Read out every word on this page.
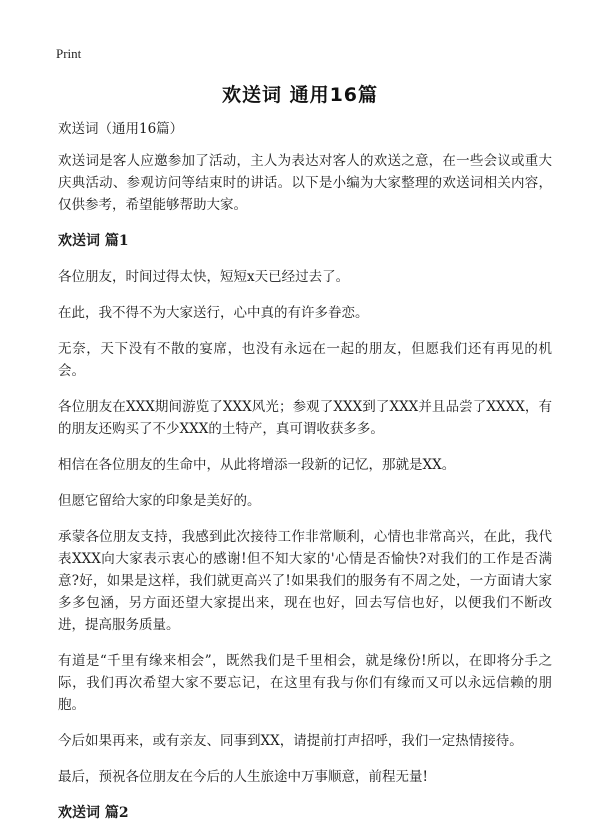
Print
欢送词 通用16篇

欢送词（通用16篇）

欢送词是客人应邀参加了活动，主人为表达对客人的欢送之意，在一些会议或重大庆典活动、参观访问等结束时的讲话。以下是小编为大家整理的欢送词相关内容，仅供参考，希望能够帮助大家。

欢送词 篇1

各位朋友，时间过得太快，短短x天已经过去了。

在此，我不得不为大家送行，心中真的有许多眷恋。

无奈，天下没有不散的宴席，也没有永远在一起的朋友，但愿我们还有再见的机会。

各位朋友在XXX期间游览了XXX风光；参观了XXX到了XXX并且品尝了XXXX，有的朋友还购买了不少XXX的土特产，真可谓收获多多。

相信在各位朋友的生命中，从此将增添一段新的记忆，那就是XX。

但愿它留给大家的印象是美好的。

承蒙各位朋友支持，我感到此次接待工作非常顺利，心情也非常高兴，在此，我代表XXX向大家表示衷心的感谢!但不知大家的'心情是否愉快?对我们的工作是否满意?好，如果是这样，我们就更高兴了!如果我们的服务有不周之处，一方面请大家多多包涵，另方面还望大家提出来，现在也好，回去写信也好，以便我们不断改进，提高服务质量。

有道是“千里有缘来相会”，既然我们是千里相会，就是缘份!所以，在即将分手之际，我们再次希望大家不要忘记，在这里有我与你们有缘而又可以永远信赖的朋胞。

今后如果再来，或有亲友、同事到XX，请提前打声招呼，我们一定热情接待。

最后，预祝各位朋友在今后的人生旅途中万事顺意，前程无量!

欢送词 篇2
